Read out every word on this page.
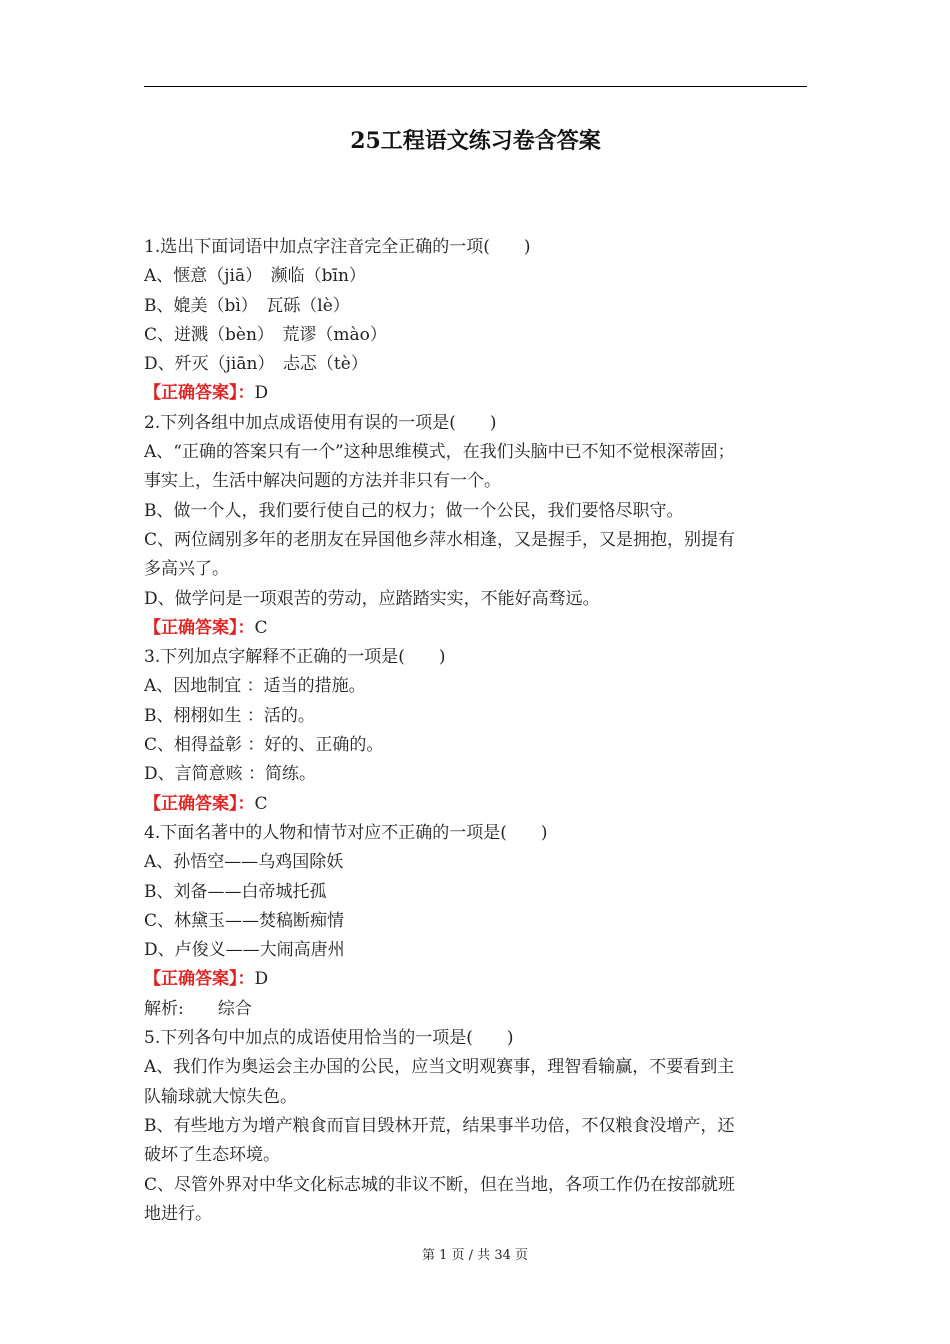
25工程语文练习卷含答案
1.选出下面词语中加点字注音完全正确的一项(　　)
A、惬意（jiā）　濒临（bīn）
B、媲美（bì）　瓦砾（lè）
C、迸溅（bèn）　荒谬（mào）
D、歼灭（jiān）　忐忑（tè）
【正确答案】：D
2.下列各组中加点成语使用有误的一项是(　　)
A、“正确的答案只有一个”这种思维模式，在我们头脑中已不知不觉根深蒂固；
事实上，生活中解决问题的方法并非只有一个。
B、做一个人，我们要行使自己的权力；做一个公民，我们要恪尽职守。
C、两位阔别多年的老朋友在异国他乡萍水相逢，又是握手，又是拥抱，别提有
多高兴了。
D、做学问是一项艰苦的劳动，应踏踏实实，不能好高骛远。
【正确答案】：C
3.下列加点字解释不正确的一项是(　　)
A、因地制宜 ：适当的措施。
B、栩栩如生 ：活的。
C、相得益彰 ：好的、正确的。
D、言简意赅 ：简练。
【正确答案】：C
4.下面名著中的人物和情节对应不正确的一项是(　　)
A、孙悟空——乌鸡国除妖
B、刘备——白帝城托孤
C、林黛玉——焚稿断痴情
D、卢俊义——大闹高唐州
【正确答案】：D
解析:　　综合
5.下列各句中加点的成语使用恰当的一项是(　　)
A、我们作为奥运会主办国的公民，应当文明观赛事，理智看输赢，不要看到主
队输球就大惊失色。
B、有些地方为增产粮食而盲目毁林开荒，结果事半功倍，不仅粮食没增产，还
破坏了生态环境。
C、尽管外界对中华文化标志城的非议不断，但在当地，各项工作仍在按部就班
地进行。
第 1 页 / 共 34 页
